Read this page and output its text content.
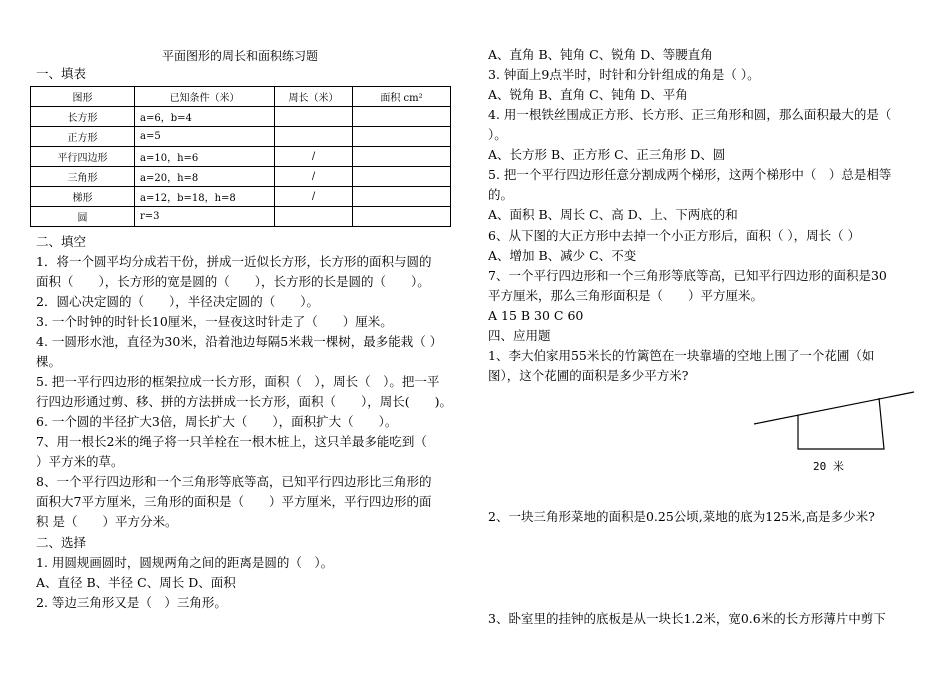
平面图形的周长和面积练习题
一、填表
二、填空
1．将一个圆平均分成若干份，拼成一近似长方形，长方形的面积与圆的
面积（　　），长方形的宽是圆的（　　），长方形的长是圆的（　　）。
2．圆心决定圆的（　　），半径决定圆的（　　）。
3. 一个时钟的时针长10厘米，一昼夜这时针走了（　　）厘米。
4. 一圆形水池，直径为30米，沿着池边每隔5米栽一棵树，最多能栽（ ）
棵。
5. 把一平行四边形的框架拉成一长方形，面积（　），周长（　）。把一平
行四边形通过剪、移、拼的方法拼成一长方形，面积（　　），周长(　　)。
6. 一个圆的半径扩大3倍，周长扩大（　　），面积扩大（　　）。
7、用一根长2米的绳子将一只羊栓在一根木桩上，这只羊最多能吃到（
）平方米的草。
8、一个平行四边形和一个三角形等底等高，已知平行四边形比三角形的
面积大7平方厘米，三角形的面积是（　　）平方厘米，平行四边形的面
积 是（　　）平方分米。
二、选择
1. 用圆规画圆时，圆规两角之间的距离是圆的（　）。
A、直径 B、半径 C、周长 D、面积
2. 等边三角形又是（　）三角形。
图形	已知条件（米）	周长（米）	面积 cm²
长方形	a=6，b=4		
正方形	a=5		
平行四边形	a=10，h=6	/	
三角形	a=20，h=8	/	
梯形	a=12，b=18，h=8	/	
圆	r=3		
A、直角 B、钝角 C、锐角 D、等腰直角
3. 钟面上9点半时，时针和分针组成的角是（ ）。
A、锐角 B、直角 C、钝角 D、平角
4. 用一根铁丝围成正方形、长方形、正三角形和圆，那么面积最大的是（
）。
A、长方形 B、正方形 C、正三角形 D、圆
5. 把一个平行四边形任意分割成两个梯形，这两个梯形中（　）总是相等
的。
A、面积 B、周长 C、高 D、上、下两底的和
6、从下图的大正方形中去掉一个小正方形后，面积（ ），周长（ ）
A、增加 B、减少 C、不变
7、一个平行四边形和一个三角形等底等高，已知平行四边形的面积是30
平方厘米，那么三角形面积是（　　）平方厘米。
A 15 B 30 C 60
四、应用题
1、李大伯家用55米长的竹篱笆在一块靠墙的空地上围了一个花圃（如
图），这个花圃的面积是多少平方米?
2、一块三角形菜地的面积是0.25公顷,菜地的底为125米,高是多少米?
3、卧室里的挂钟的底板是从一块长1.2米，宽0.6米的长方形薄片中剪下
20 米
